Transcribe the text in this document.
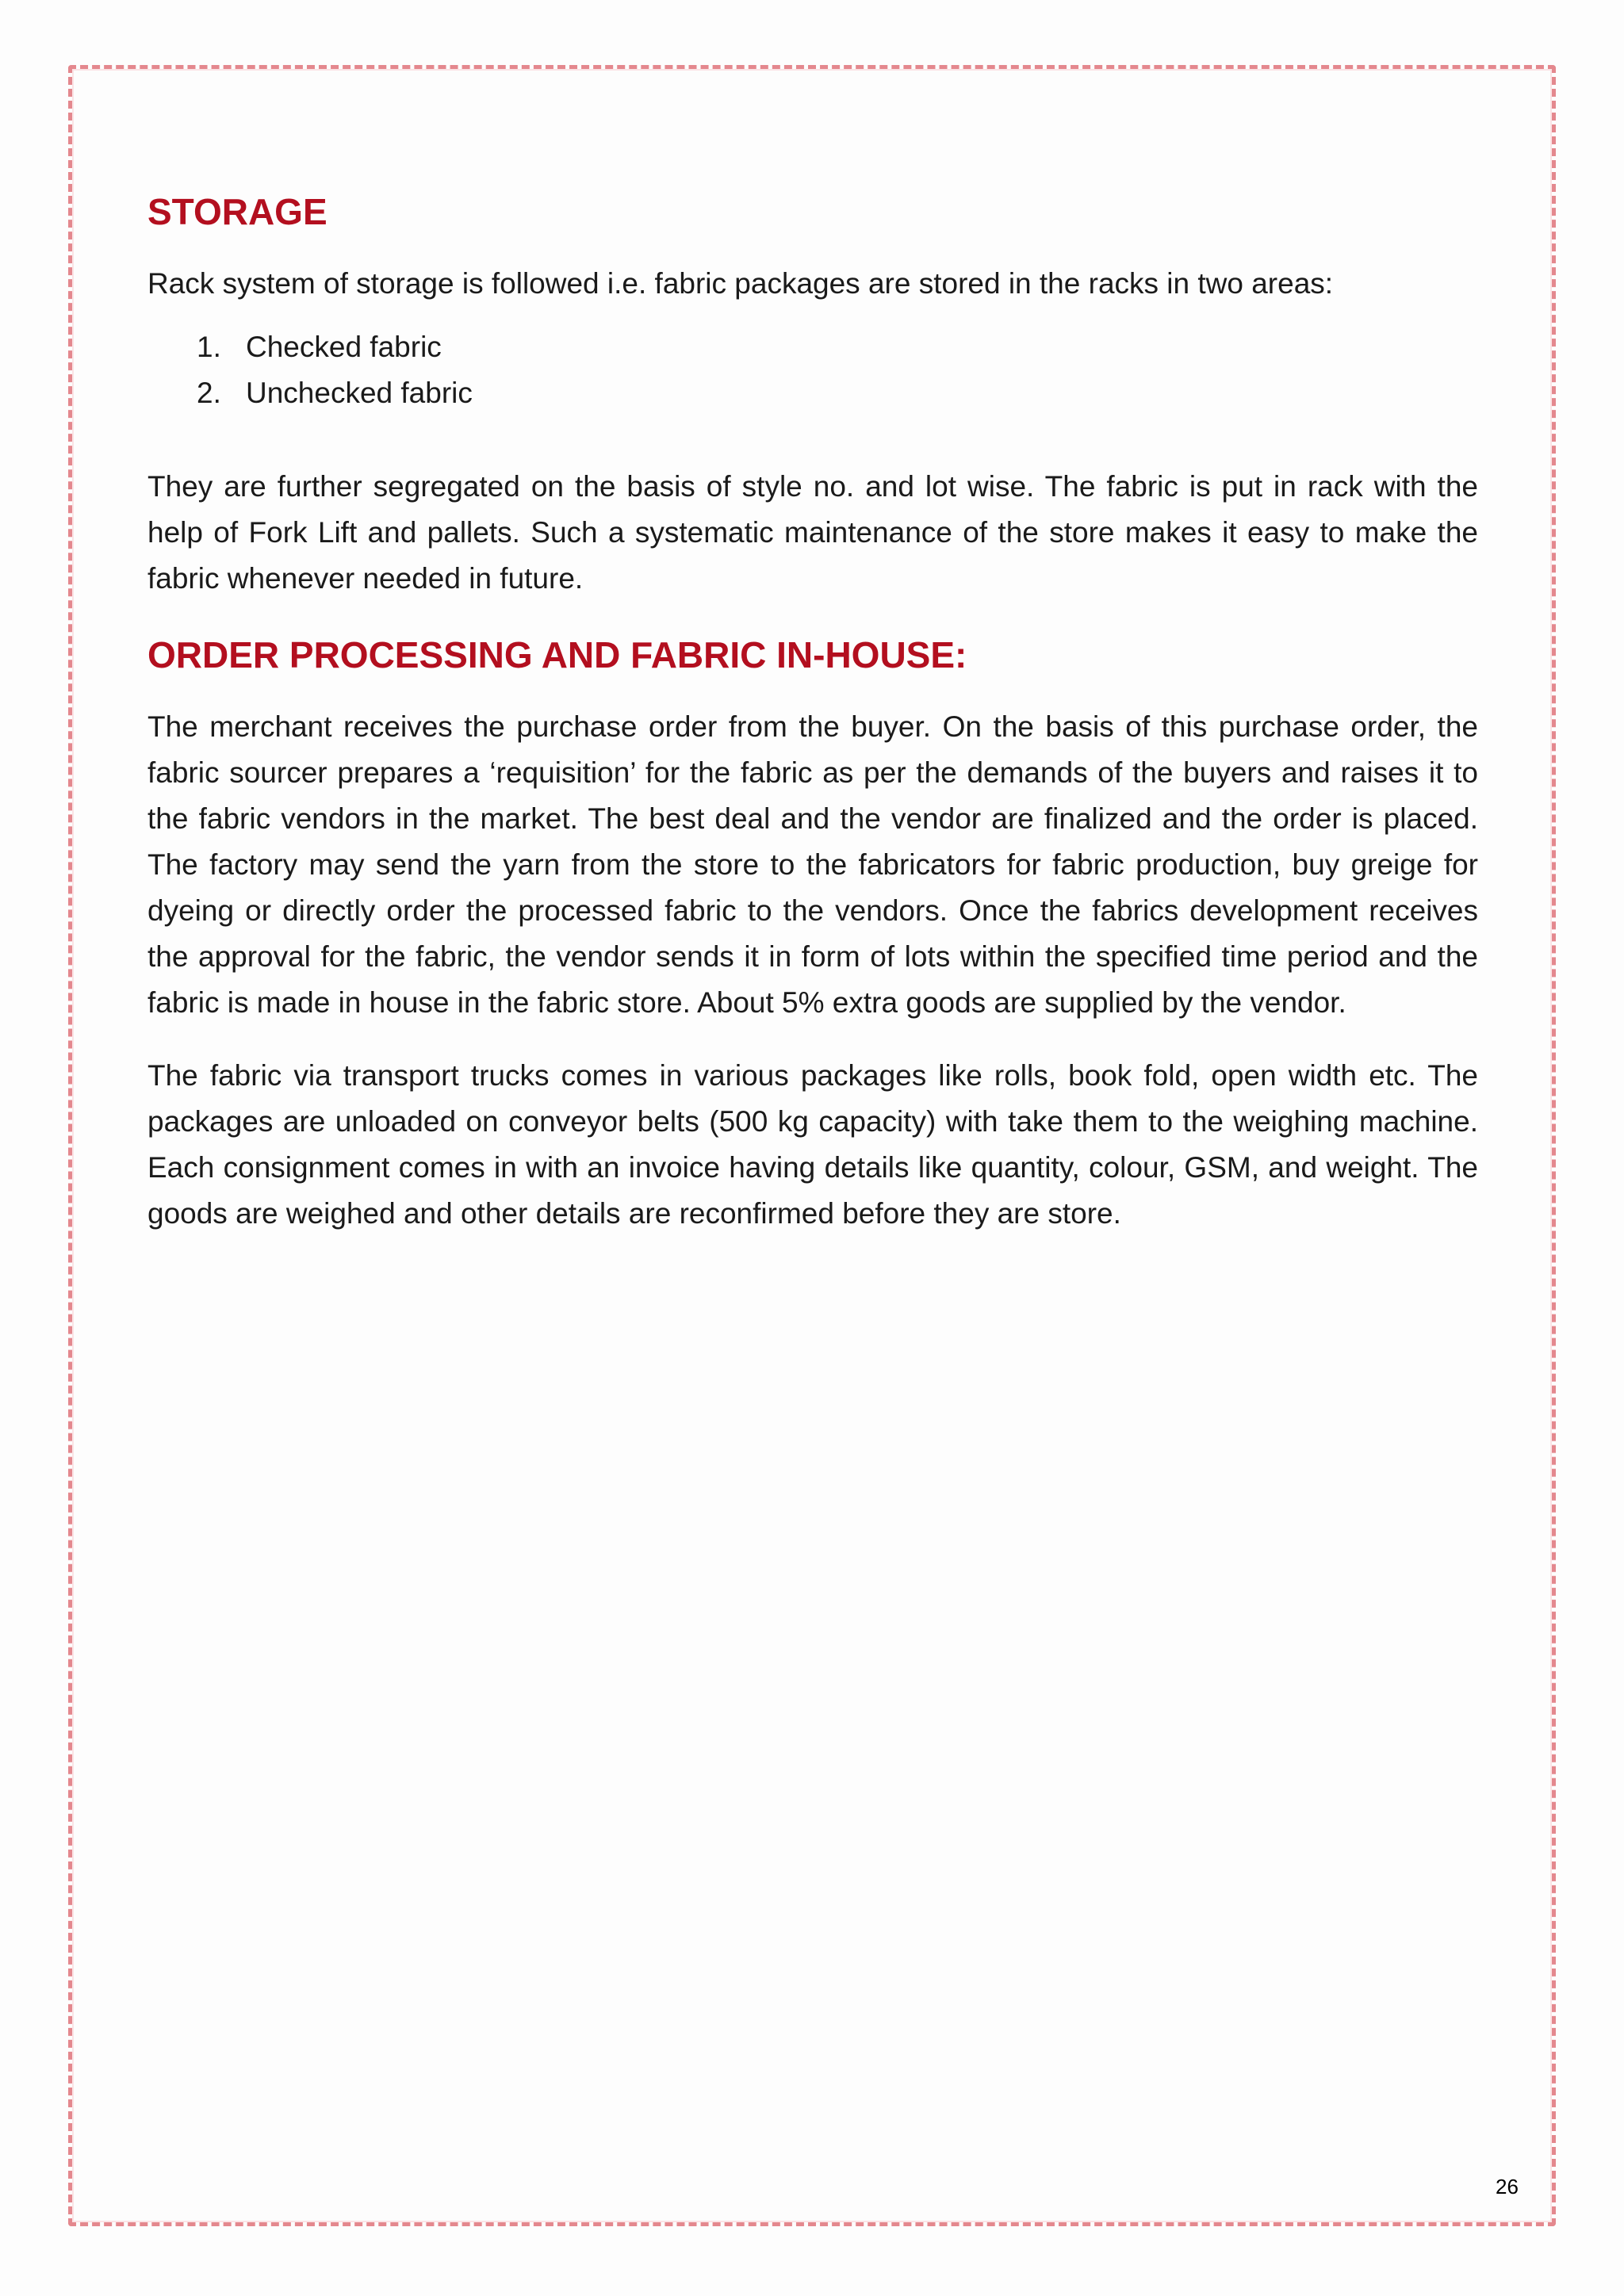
STORAGE

Rack system of storage is followed i.e. fabric packages are stored in the racks in two areas:

1. Checked fabric
2. Unchecked fabric

They are further segregated on the basis of style no. and lot wise. The fabric is put in rack with the help of Fork Lift and pallets. Such a systematic maintenance of the store makes it easy to make the fabric whenever needed in future.

ORDER PROCESSING AND FABRIC IN-HOUSE:

The merchant receives the purchase order from the buyer. On the basis of this purchase order, the fabric sourcer prepares a ‘requisition’ for the fabric as per the demands of the buyers and raises it to the fabric vendors in the market. The best deal and the vendor are finalized and the order is placed. The factory may send the yarn from the store to the fabricators for fabric production, buy greige for dyeing or directly order the processed fabric to the vendors. Once the fabrics development receives the approval for the fabric, the vendor sends it in form of lots within the specified time period and the fabric is made in house in the fabric store. About 5% extra goods are supplied by the vendor.

The fabric via transport trucks comes in various packages like rolls, book fold, open width etc. The packages are unloaded on conveyor belts (500 kg capacity) with take them to the weighing machine. Each consignment comes in with an invoice having details like quantity, colour, GSM, and weight. The goods are weighed and other details are reconfirmed before they are store.

26
